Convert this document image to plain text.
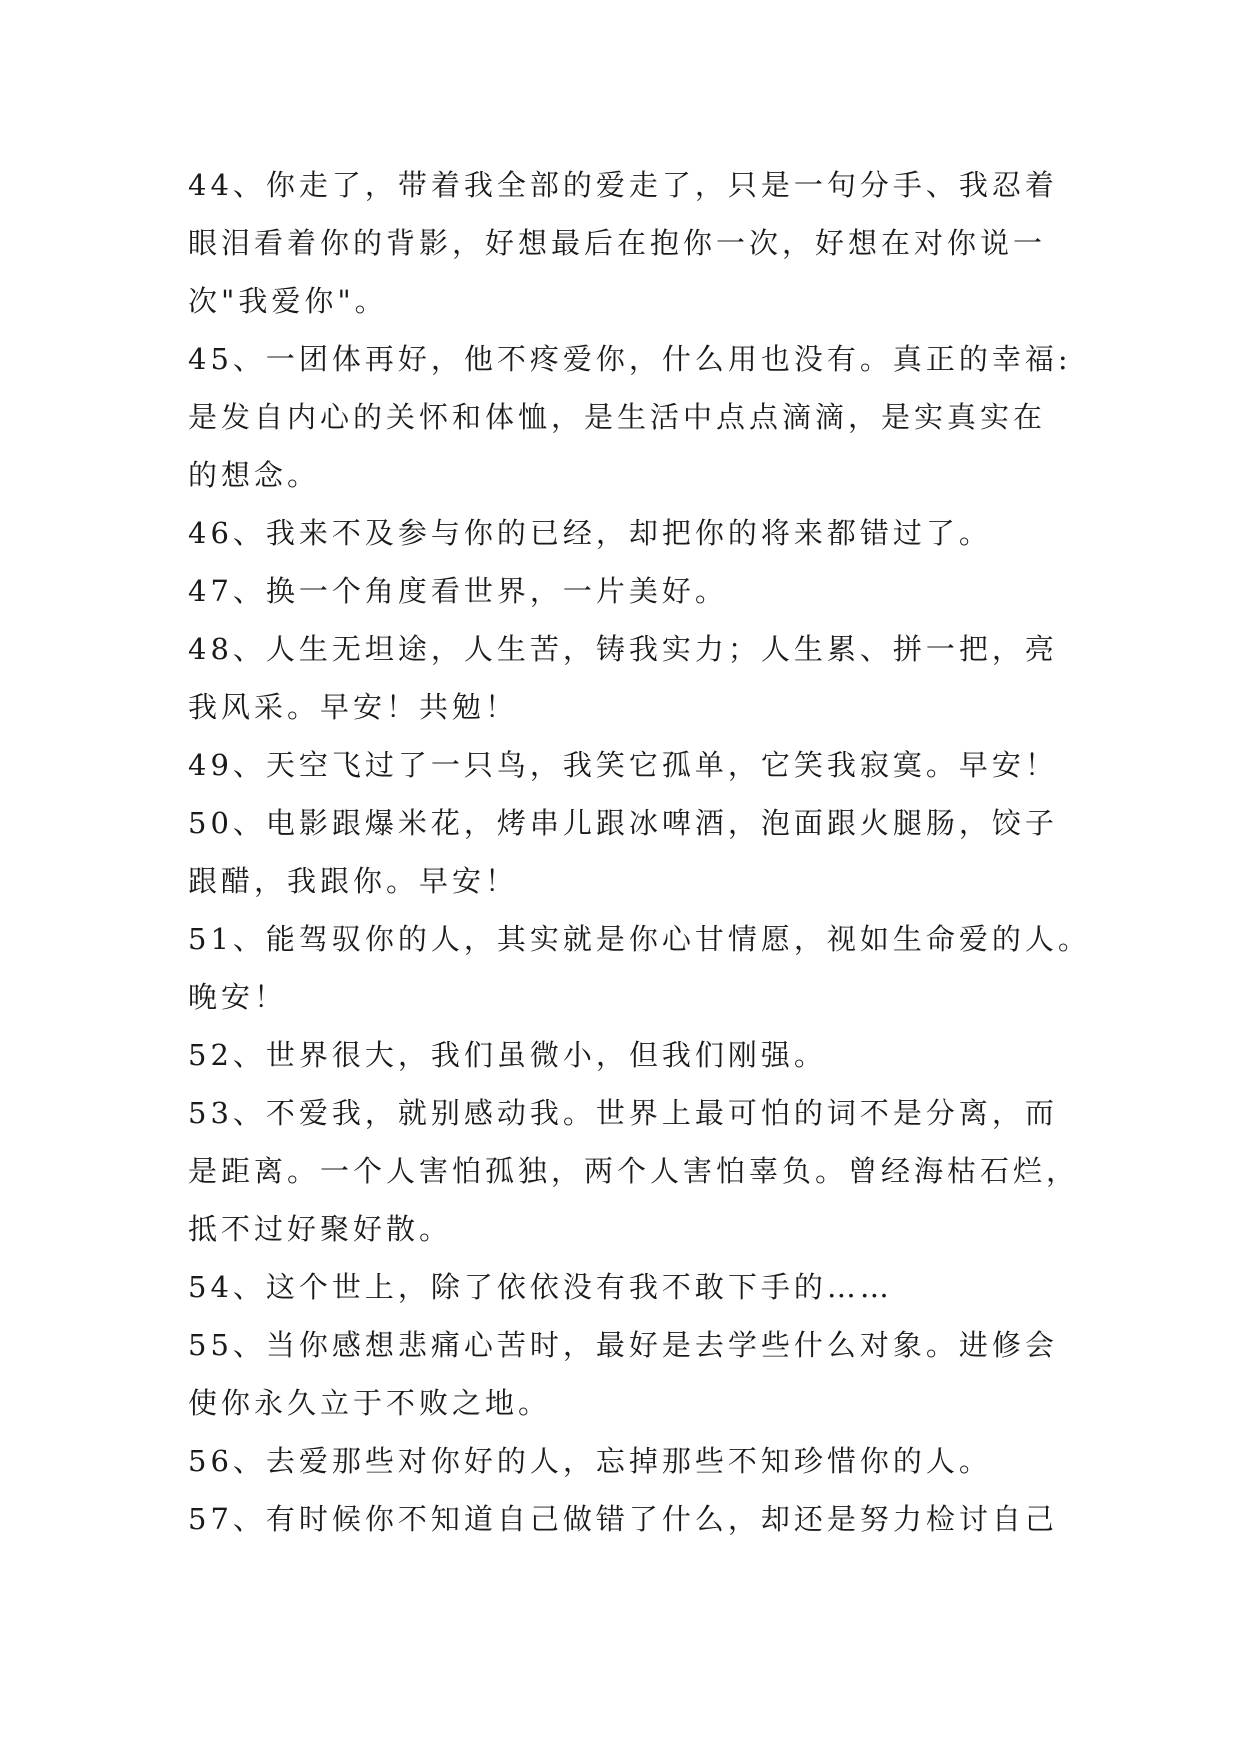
44、你走了，带着我全部的爱走了，只是一句分手、我忍着
眼泪看着你的背影，好想最后在抱你一次，好想在对你说一
次"我爱你"。
45、一团体再好，他不疼爱你，什么用也没有。真正的幸福:
是发自内心的关怀和体恤，是生活中点点滴滴，是实真实在
的想念。
46、我来不及参与你的已经，却把你的将来都错过了。
47、换一个角度看世界，一片美好。
48、人生无坦途，人生苦，铸我实力；人生累、拼一把，亮
我风采。早安！共勉！
49、天空飞过了一只鸟，我笑它孤单，它笑我寂寞。早安！
50、电影跟爆米花，烤串儿跟冰啤酒，泡面跟火腿肠，饺子
跟醋，我跟你。早安！
51、能驾驭你的人，其实就是你心甘情愿，视如生命爱的人。
晚安！
52、世界很大，我们虽微小，但我们刚强。
53、不爱我，就别感动我。世界上最可怕的词不是分离，而
是距离。一个人害怕孤独，两个人害怕辜负。曾经海枯石烂，
抵不过好聚好散。
54、这个世上，除了依依没有我不敢下手的……
55、当你感想悲痛心苦时，最好是去学些什么对象。进修会
使你永久立于不败之地。
56、去爱那些对你好的人，忘掉那些不知珍惜你的人。
57、有时候你不知道自己做错了什么，却还是努力检讨自己
